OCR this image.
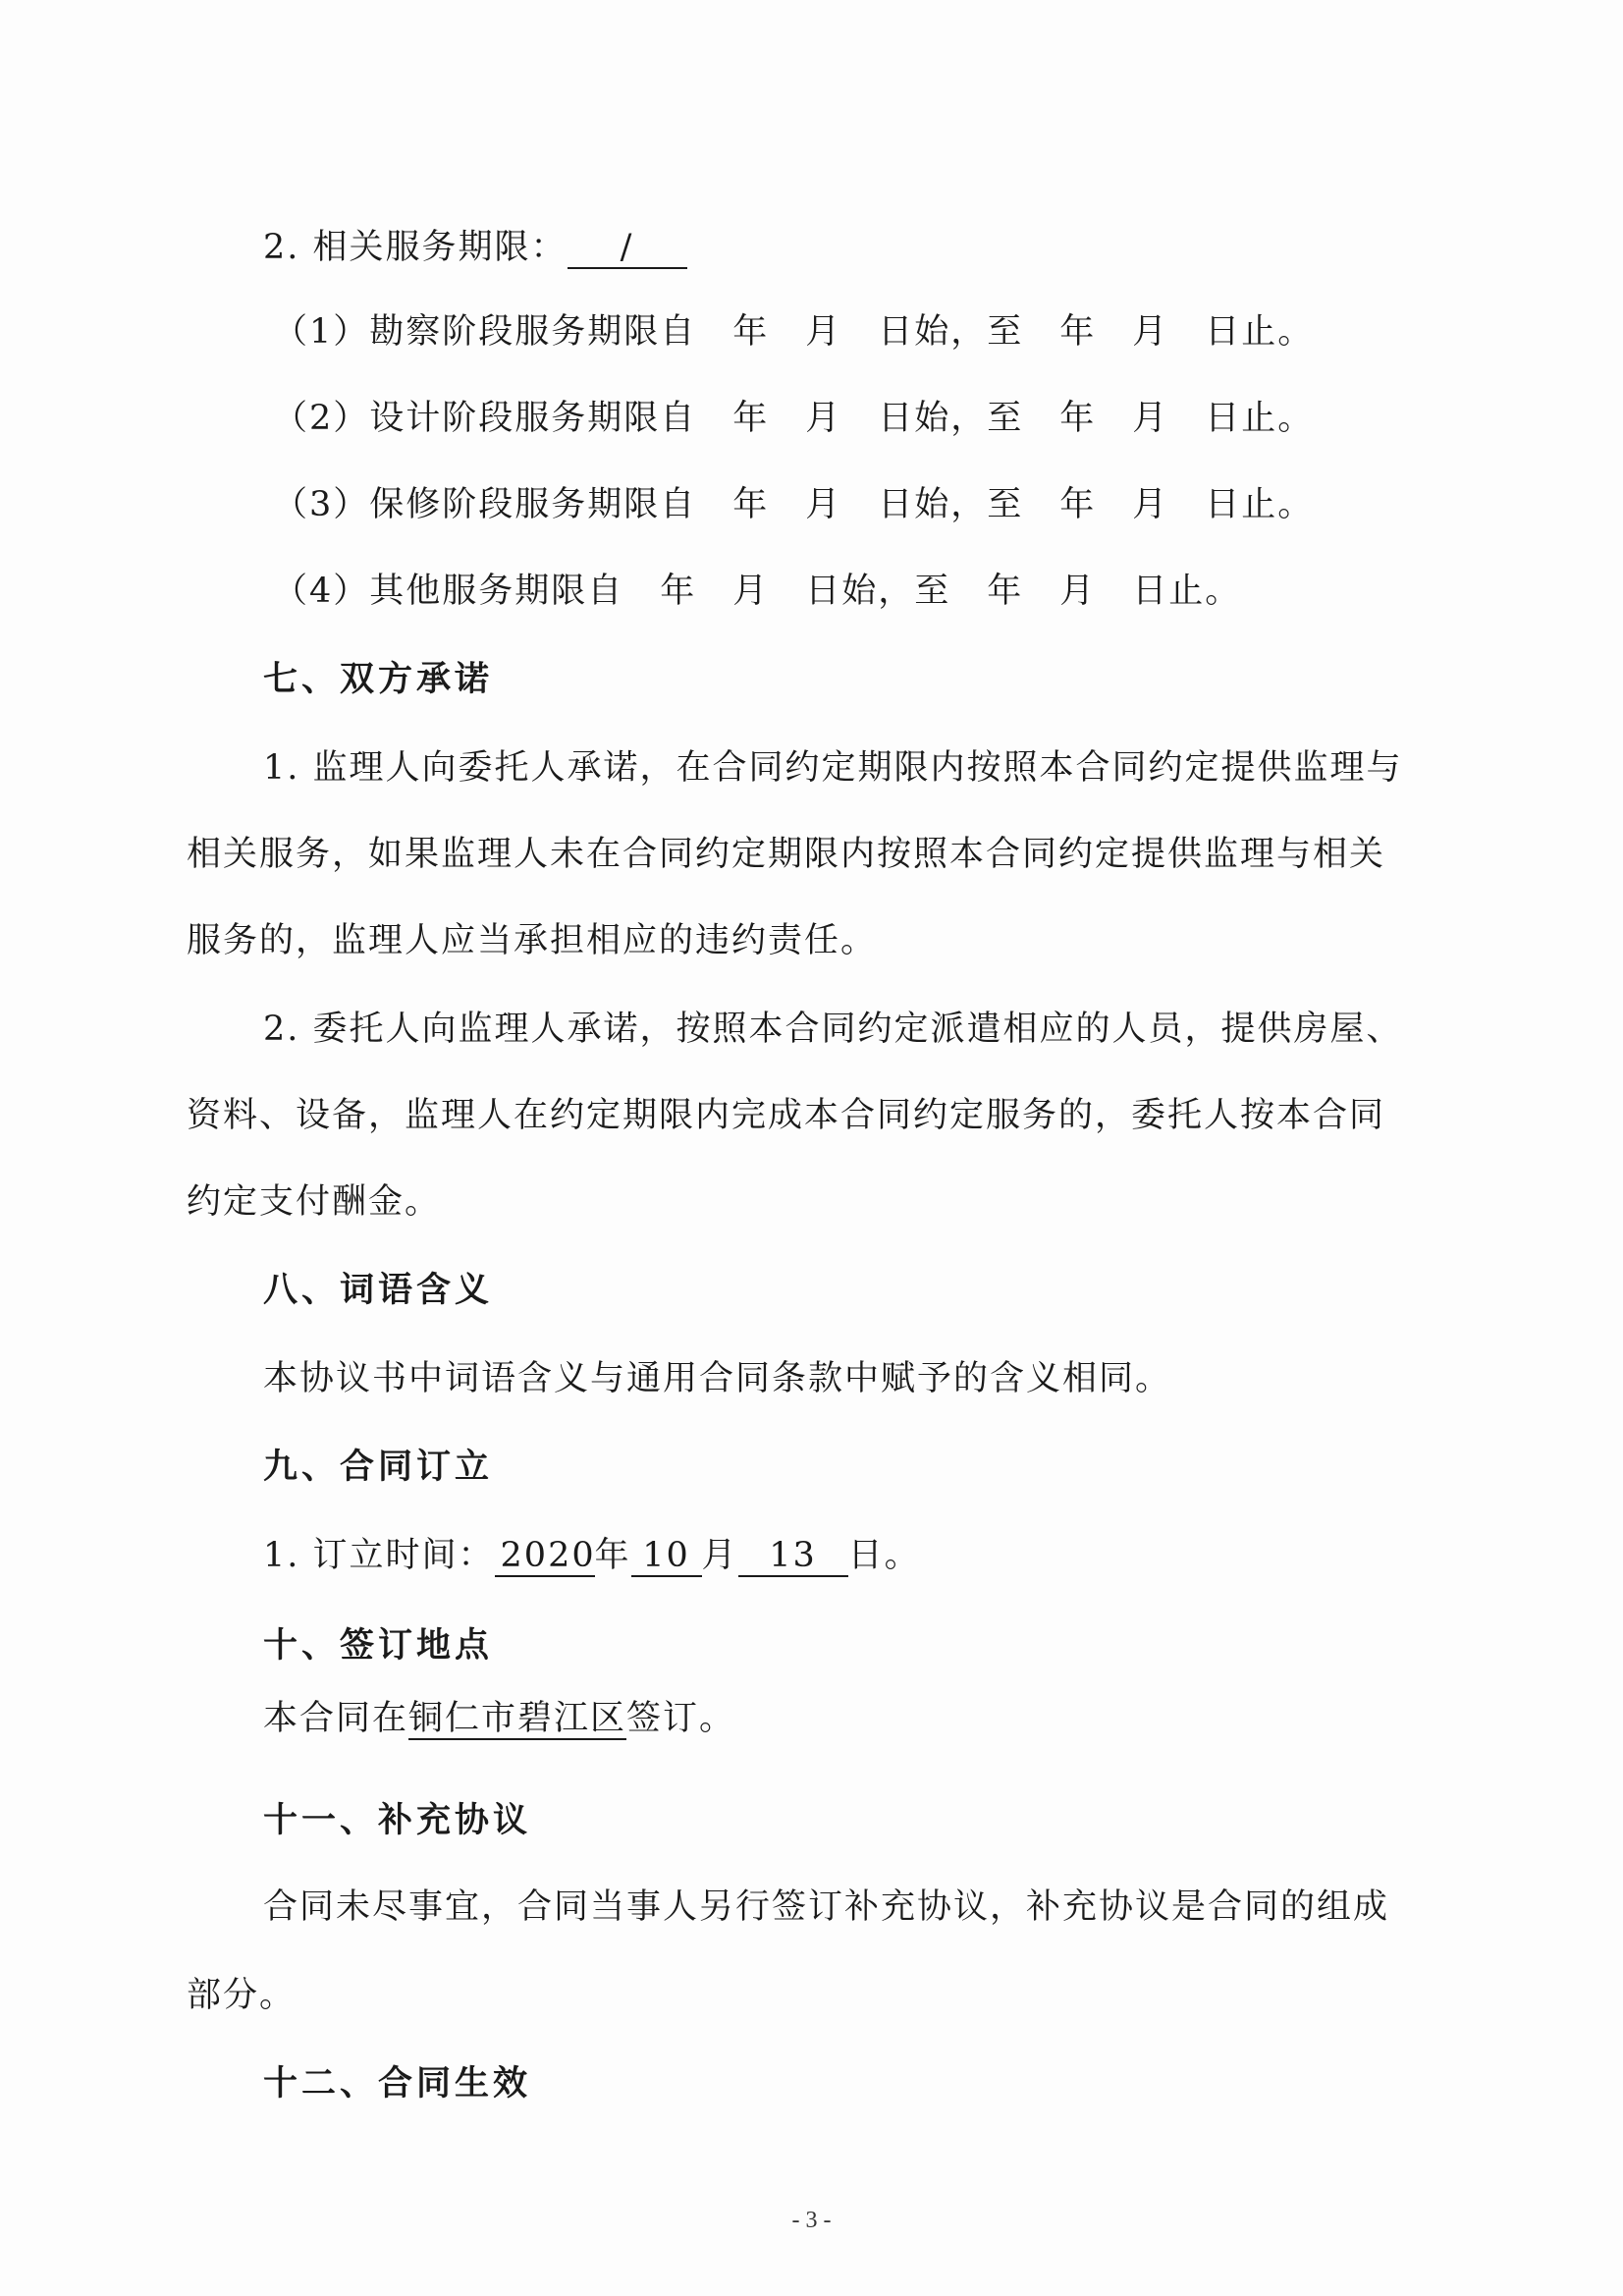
2. 相关服务期限： /
（1）勘察阶段服务期限自　年　月　日始，至　年　月　日止。
（2）设计阶段服务期限自　年　月　日始，至　年　月　日止。
（3）保修阶段服务期限自　年　月　日始，至　年　月　日止。
（4）其他服务期限自　年　月　日始，至　年　月　日止。
七、双方承诺
1. 监理人向委托人承诺，在合同约定期限内按照本合同约定提供监理与
相关服务，如果监理人未在合同约定期限内按照本合同约定提供监理与相关
服务的，监理人应当承担相应的违约责任。
2. 委托人向监理人承诺，按照本合同约定派遣相应的人员，提供房屋、
资料、设备，监理人在约定期限内完成本合同约定服务的，委托人按本合同
约定支付酬金。
八、词语含义
本协议书中词语含义与通用合同条款中赋予的含义相同。
九、合同订立
1. 订立时间： 2020年 10 月 13 日。
十、签订地点
本合同在铜仁市碧江区签订。
十一、补充协议
合同未尽事宜，合同当事人另行签订补充协议，补充协议是合同的组成
部分。
十二、合同生效
- 3 -
